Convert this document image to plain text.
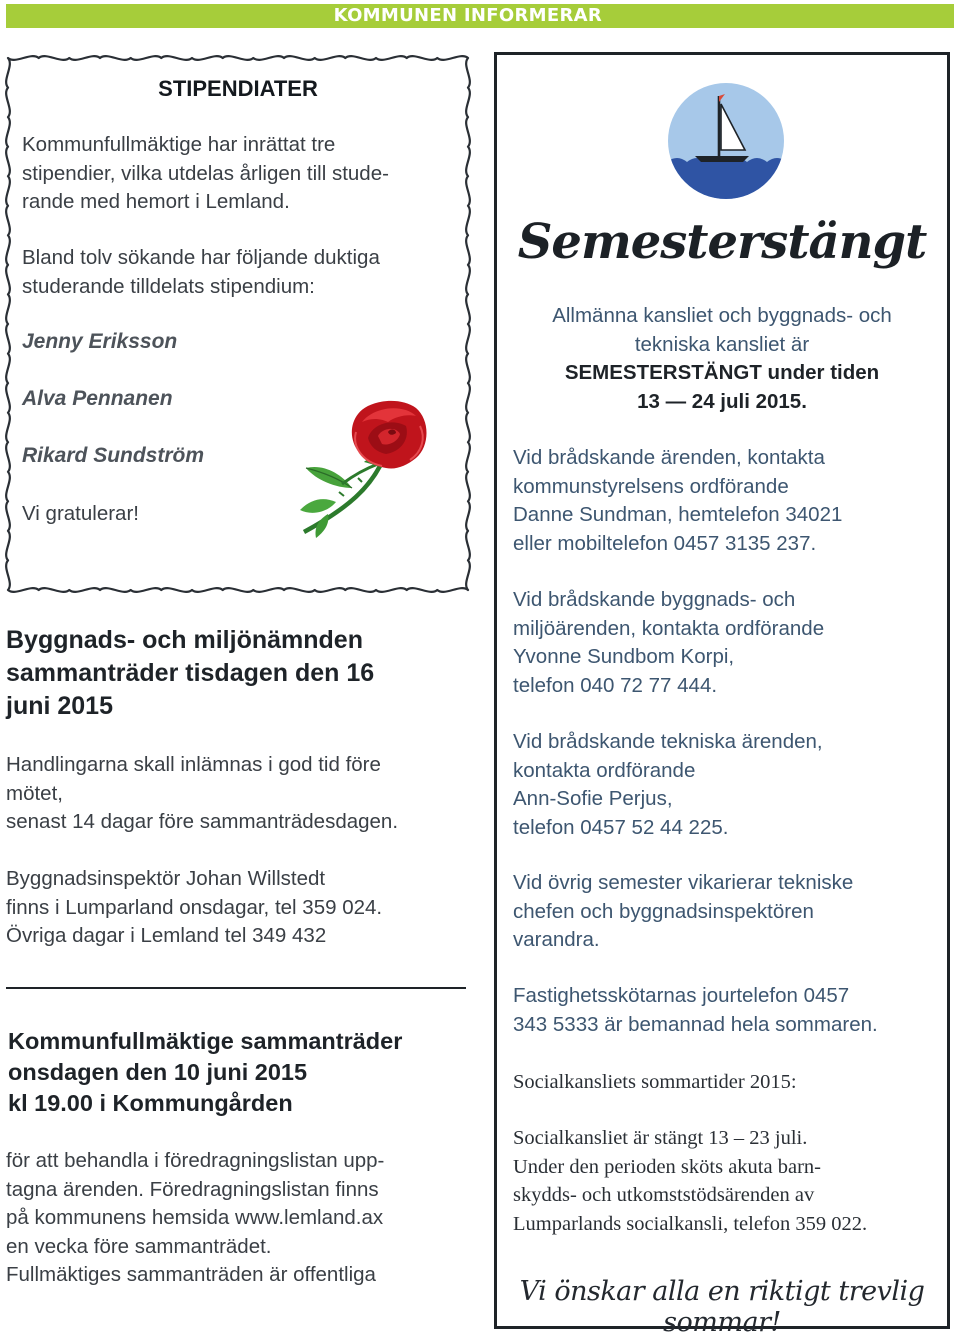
KOMMUNEN INFORMERAR
STIPENDIATER

Kommunfullmäktige har inrättat tre
stipendier, vilka utdelas årligen till stude-
rande med hemort i Lemland.

Bland tolv sökande har följande duktiga
studerande tilldelats stipendium:

Jenny Eriksson

Alva Pennanen

Rikard Sundström

Vi gratulerar!

Byggnads- och miljönämnden
sammanträder tisdagen den 16
juni 2015

Handlingarna skall inlämnas i god tid före
mötet,
senast 14 dagar före sammanträdesdagen.

Byggnadsinspektör Johan Willstedt
finns i Lumparland onsdagar, tel 359 024.
Övriga dagar i Lemland tel 349 432

Kommunfullmäktige sammanträder
onsdagen den 10 juni 2015
kl 19.00 i Kommungården

för att behandla i föredragningslistan upp-
tagna ärenden. Föredragningslistan finns
på kommunens hemsida www.lemland.ax
en vecka före sammanträdet.
Fullmäktiges sammanträden är offentliga

Semesterstängt

Allmänna kansliet och byggnads- och
tekniska kansliet är

SEMESTERSTÄNGT under tiden
13 — 24 juli 2015.

Vid brådskande ärenden, kontakta
kommunstyrelsens ordförande
Danne Sundman, hemtelefon 34021
eller mobiltelefon 0457 3135 237.

Vid brådskande byggnads- och
miljöärenden, kontakta ordförande
Yvonne Sundbom Korpi,
telefon 040 72 77 444.

Vid brådskande tekniska ärenden,
kontakta ordförande
Ann-Sofie Perjus,
telefon 0457 52 44 225.

Vid övrig semester vikarierar tekniske
chefen och byggnadsinspektören
varandra.

Fastighetsskötarnas jourtelefon 0457
343 5333 är bemannad hela sommaren.

Socialkansliets sommartider 2015:

Socialkansliet är stängt 13 – 23 juli.
Under den perioden sköts akuta barn-
skydds- och utkomststödsärenden av
Lumparlands socialkansli, telefon 359 022.

Vi önskar alla en riktigt trevlig sommar!
